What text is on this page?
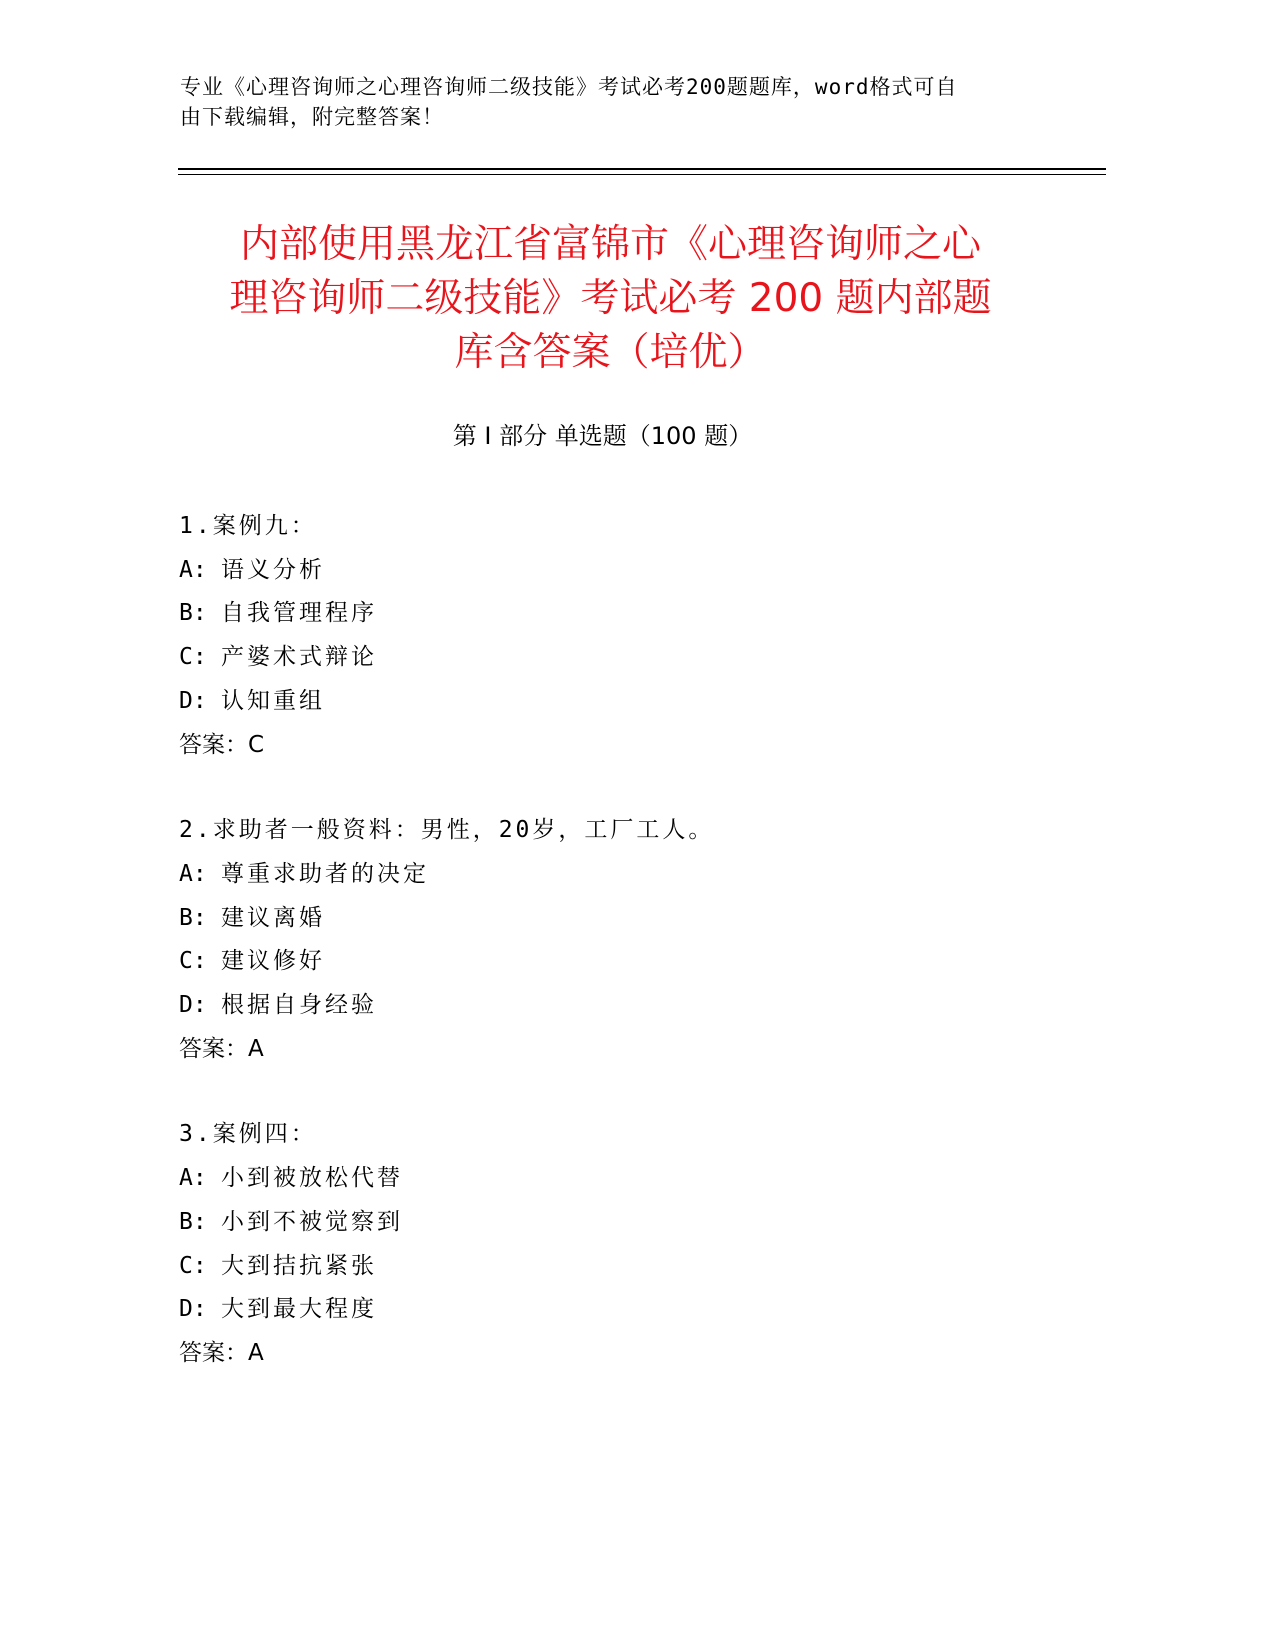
专业《心理咨询师之心理咨询师二级技能》考试必考200题题库，word格式可自
由下载编辑，附完整答案！
内部使用黑龙江省富锦市《心理咨询师之心
理咨询师二级技能》考试必考 200 题内部题
库含答案（培优）
第 I 部分 单选题（100 题）
1.案例九：
A: 语义分析
B: 自我管理程序
C: 产婆术式辩论
D: 认知重组
答案：C
2.求助者一般资料：男性，20岁，工厂工人。
A: 尊重求助者的决定
B: 建议离婚
C: 建议修好
D: 根据自身经验
答案：A
3.案例四：
A: 小到被放松代替
B: 小到不被觉察到
C: 大到拮抗紧张
D: 大到最大程度
答案：A
